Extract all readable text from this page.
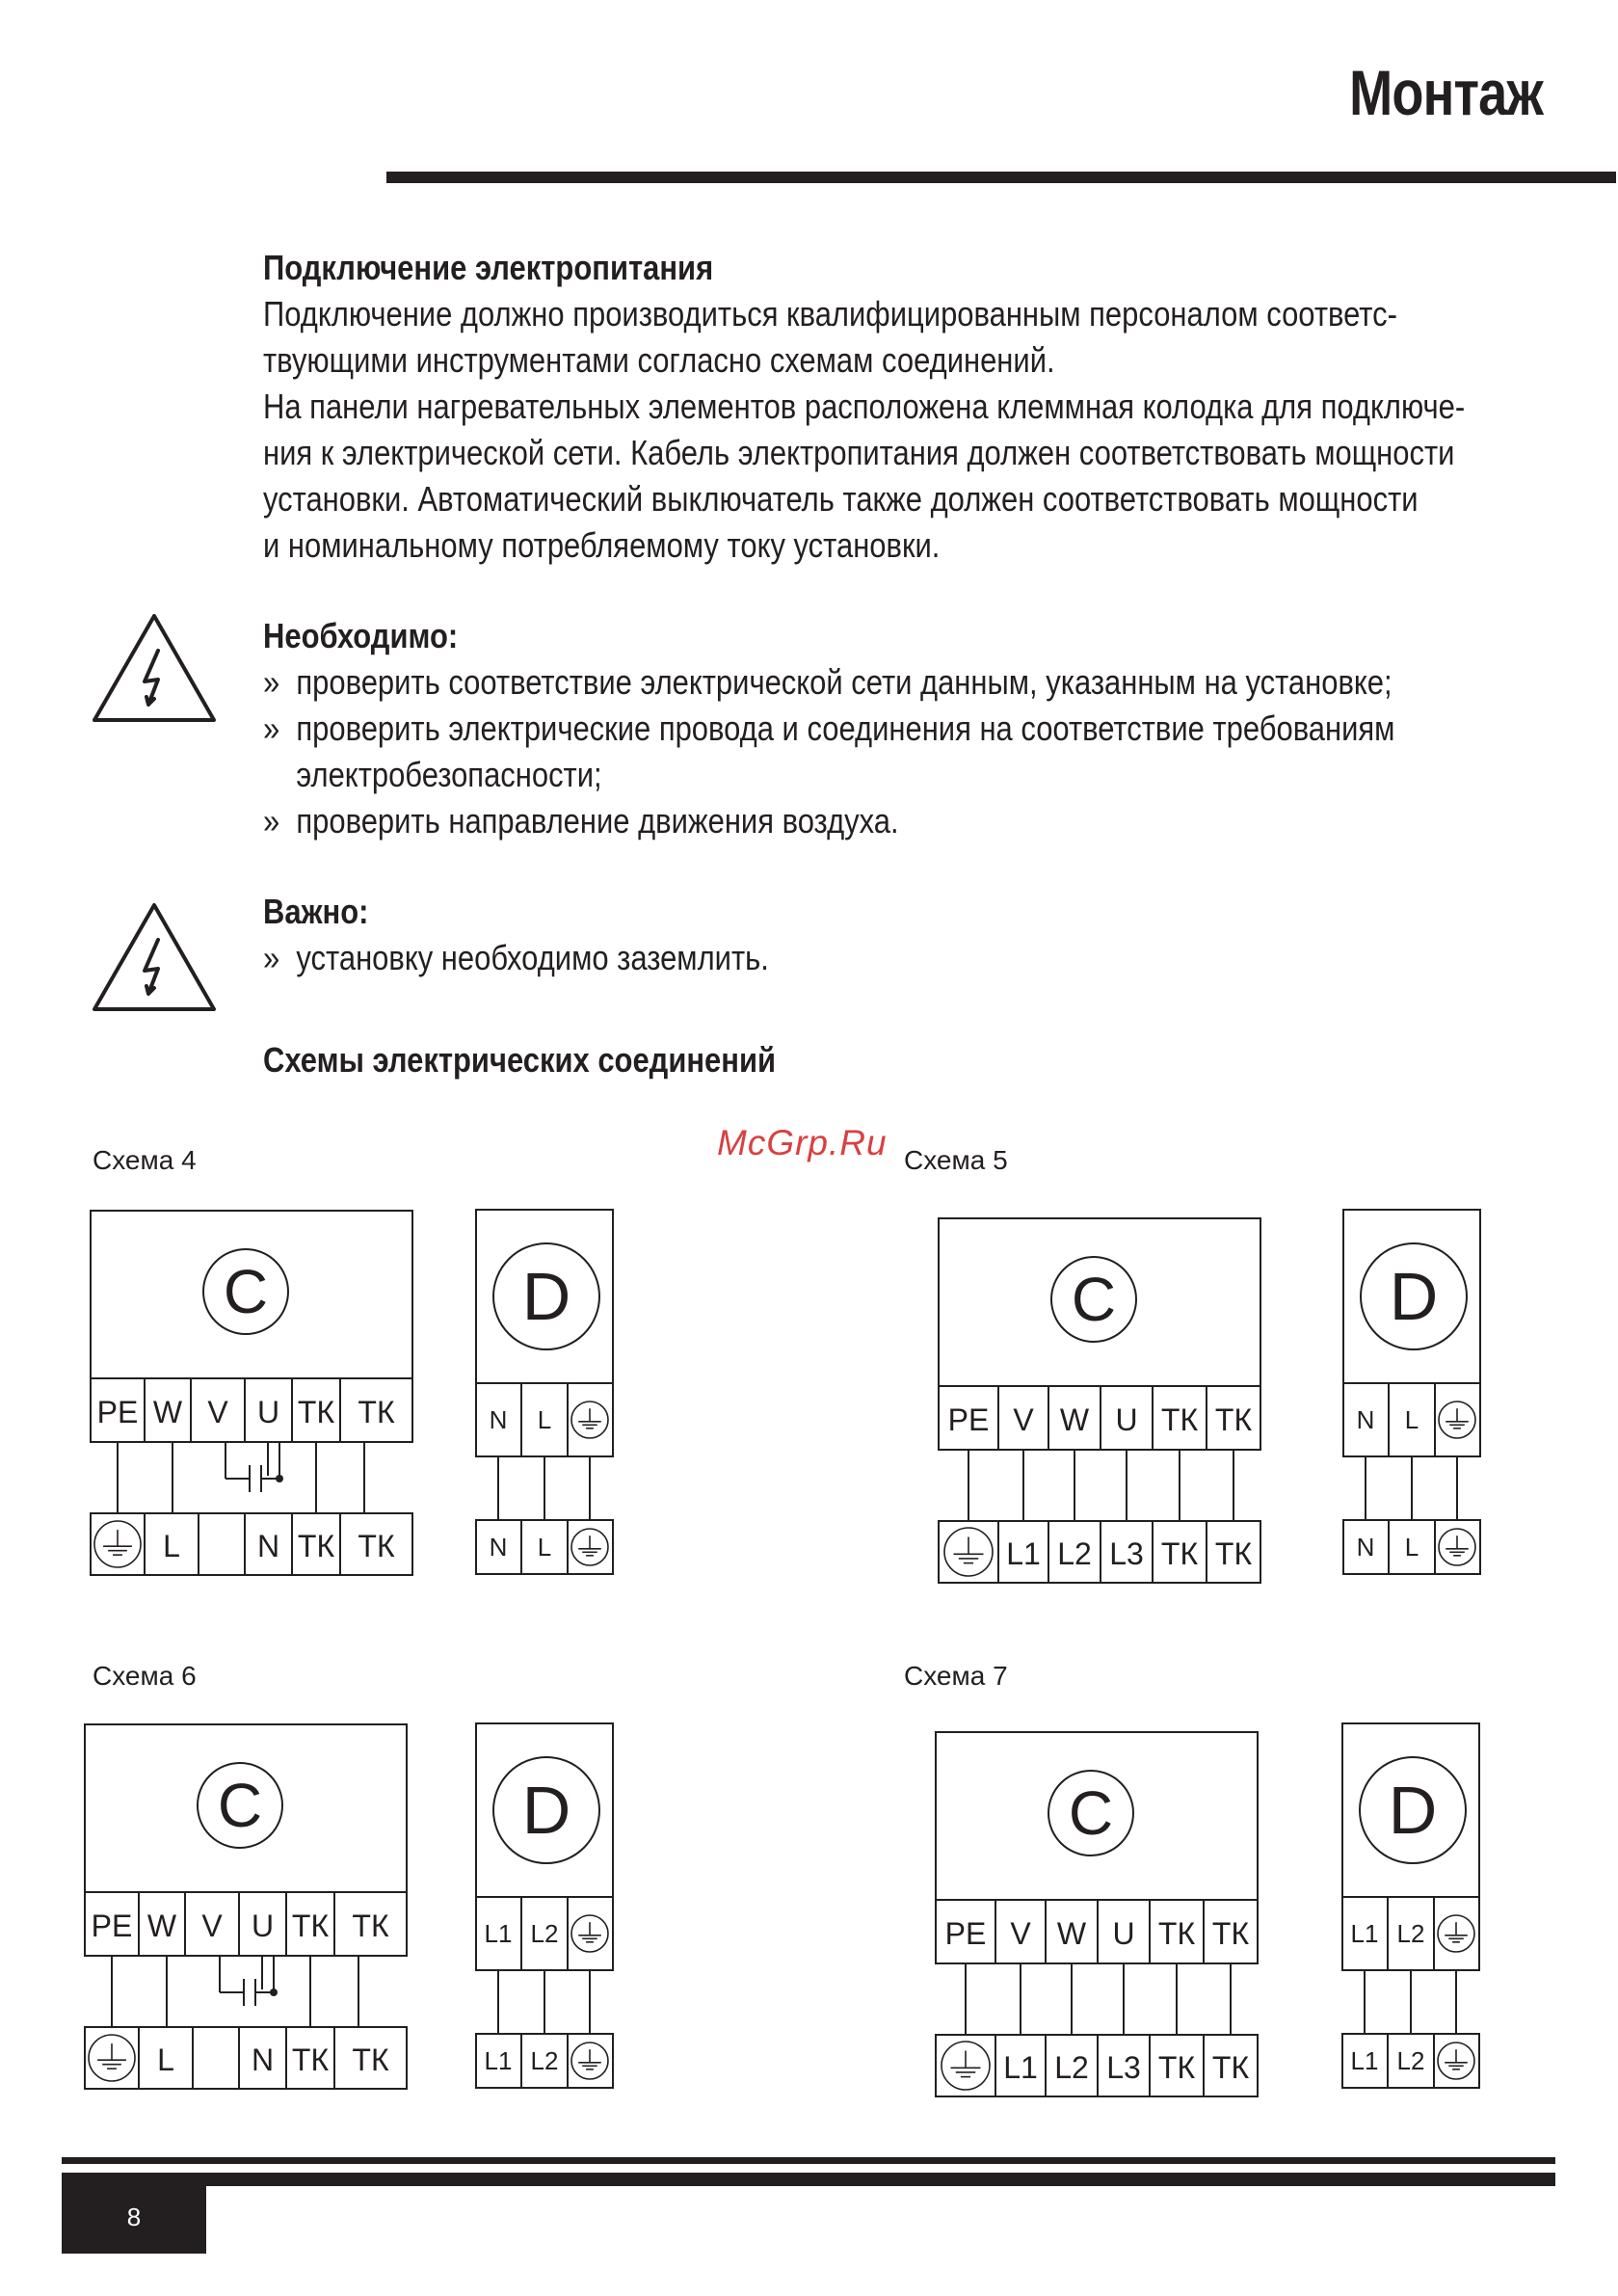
Монтаж

Подключение электропитания

Подключение должно производиться квалифицированным персоналом соответс-

твующими инструментами согласно схемам соединений.

На панели нагревательных элементов расположена клеммная колодка для подключе-

ния к электрической сети. Кабель электропитания должен соответствовать мощности

установки. Автоматический выключатель также должен соответствовать мощности

и номинальному потребляемому току установки.

Необходимо:

» проверить соответствие электрической сети данным, указанным на установке;

» проверить электрические провода и соединения на соответствие требованиям

электробезопасности;

» проверить направление движения воздуха.

Важно:

» установку необходимо заземлить.

Схемы электрических соединений

McGrp.Ru
Схема 4	Схема 5
Схема 6	Схема 7
C
PE W V U ТК ТК
L	N ТК ТК
D
N L
N L
C
PE V W U ТК ТК
L1 L2 L3 ТК ТК
D
N L
N L
C
PE W V U ТК ТК
L	N ТК ТК
D
L1 L2
L1 L2
C
PE V W U ТК ТК
L1 L2 L3 ТК ТК
D
L1 L2
L1 L2
8
